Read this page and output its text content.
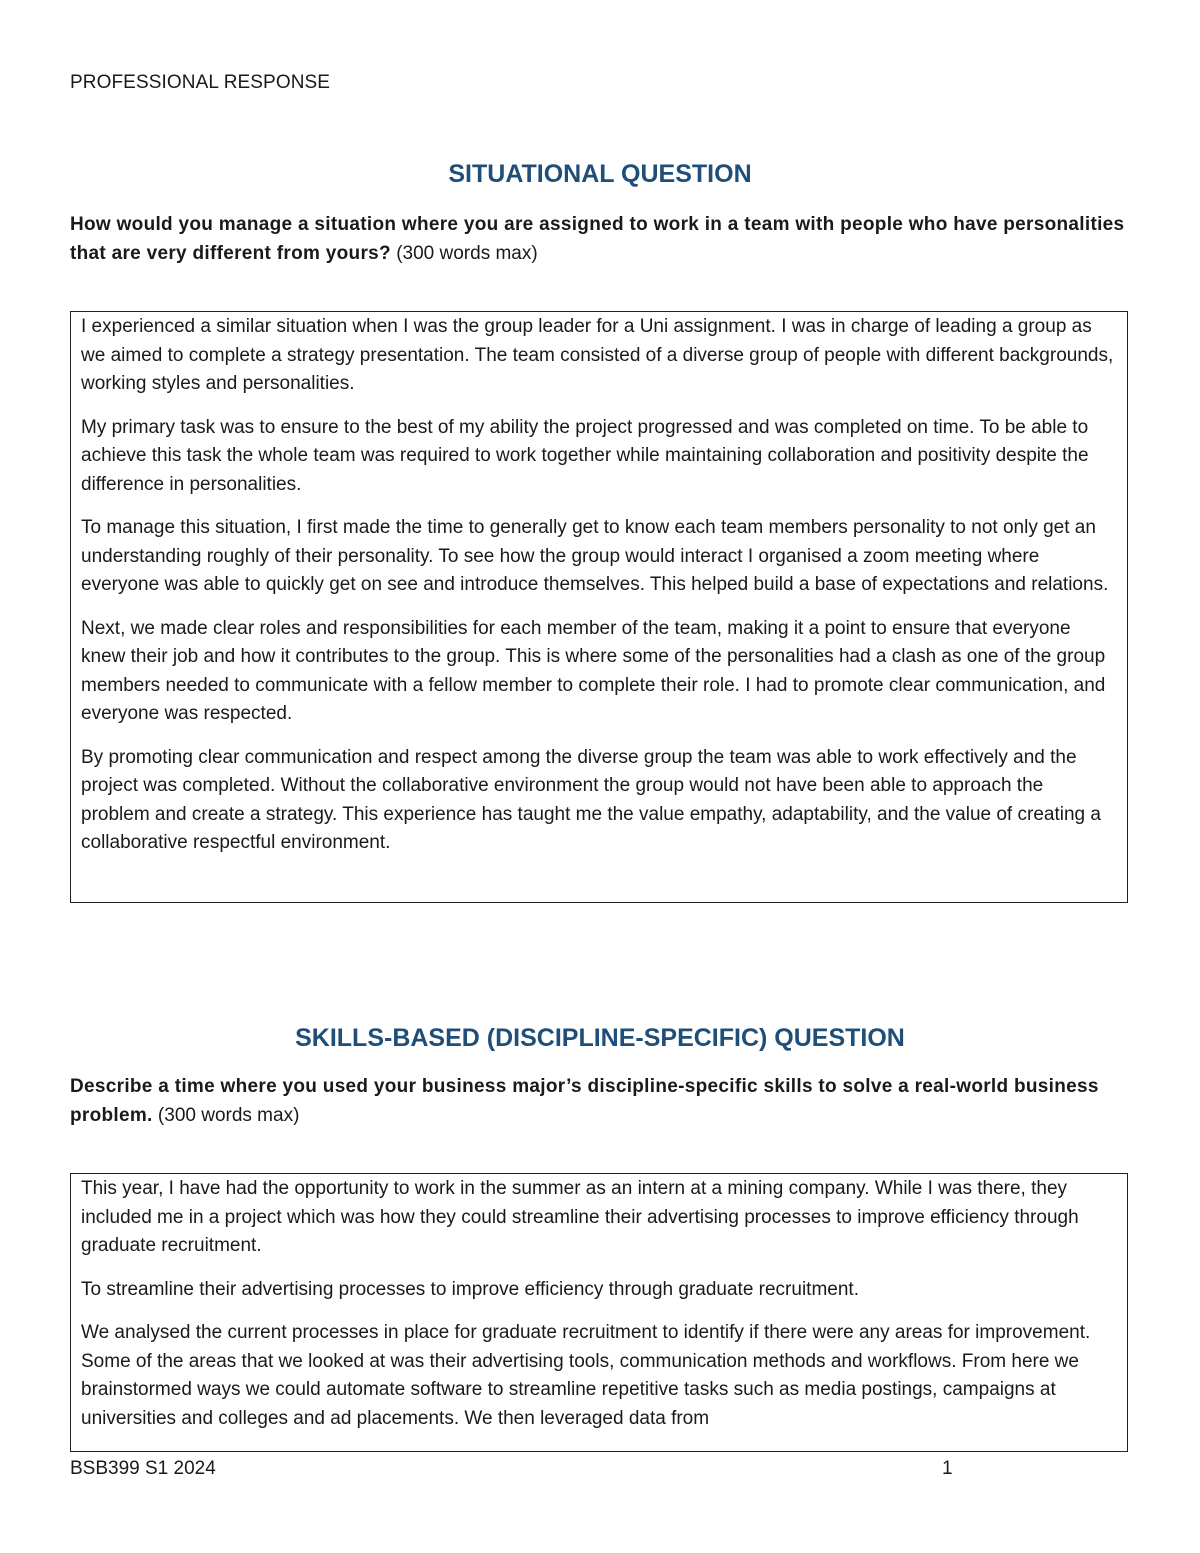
PROFESSIONAL RESPONSE
SITUATIONAL QUESTION
How would you manage a situation where you are assigned to work in a team with people who have personalities that are very different from yours? (300 words max)

I experienced a similar situation when I was the group leader for a Uni assignment. I was in charge of leading a group as we aimed to complete a strategy presentation. The team consisted of a diverse group of people with different backgrounds, working styles and personalities.

My primary task was to ensure to the best of my ability the project progressed and was completed on time. To be able to achieve this task the whole team was required to work together while maintaining collaboration and positivity despite the difference in personalities.

To manage this situation, I first made the time to generally get to know each team members personality to not only get an understanding roughly of their personality. To see how the group would interact I organised a zoom meeting where everyone was able to quickly get on see and introduce themselves. This helped build a base of expectations and relations.

Next, we made clear roles and responsibilities for each member of the team, making it a point to ensure that everyone knew their job and how it contributes to the group. This is where some of the personalities had a clash as one of the group members needed to communicate with a fellow member to complete their role. I had to promote clear communication, and everyone was respected.

By promoting clear communication and respect among the diverse group the team was able to work effectively and the project was completed. Without the collaborative environment the group would not have been able to approach the problem and create a strategy. This experience has taught me the value empathy, adaptability, and the value of creating a collaborative respectful environment.

SKILLS-BASED (DISCIPLINE-SPECIFIC) QUESTION
Describe a time where you used your business major’s discipline-specific skills to solve a real-world business problem. (300 words max)

This year, I have had the opportunity to work in the summer as an intern at a mining company. While I was there, they included me in a project which was how they could streamline their advertising processes to improve efficiency through graduate recruitment.

To streamline their advertising processes to improve efficiency through graduate recruitment.

We analysed the current processes in place for graduate recruitment to identify if there were any areas for improvement. Some of the areas that we looked at was their advertising tools, communication methods and workflows. From here we brainstormed ways we could automate software to streamline repetitive tasks such as media postings, campaigns at universities and colleges and ad placements. We then leveraged data from

BSB399 S1 2024	1
